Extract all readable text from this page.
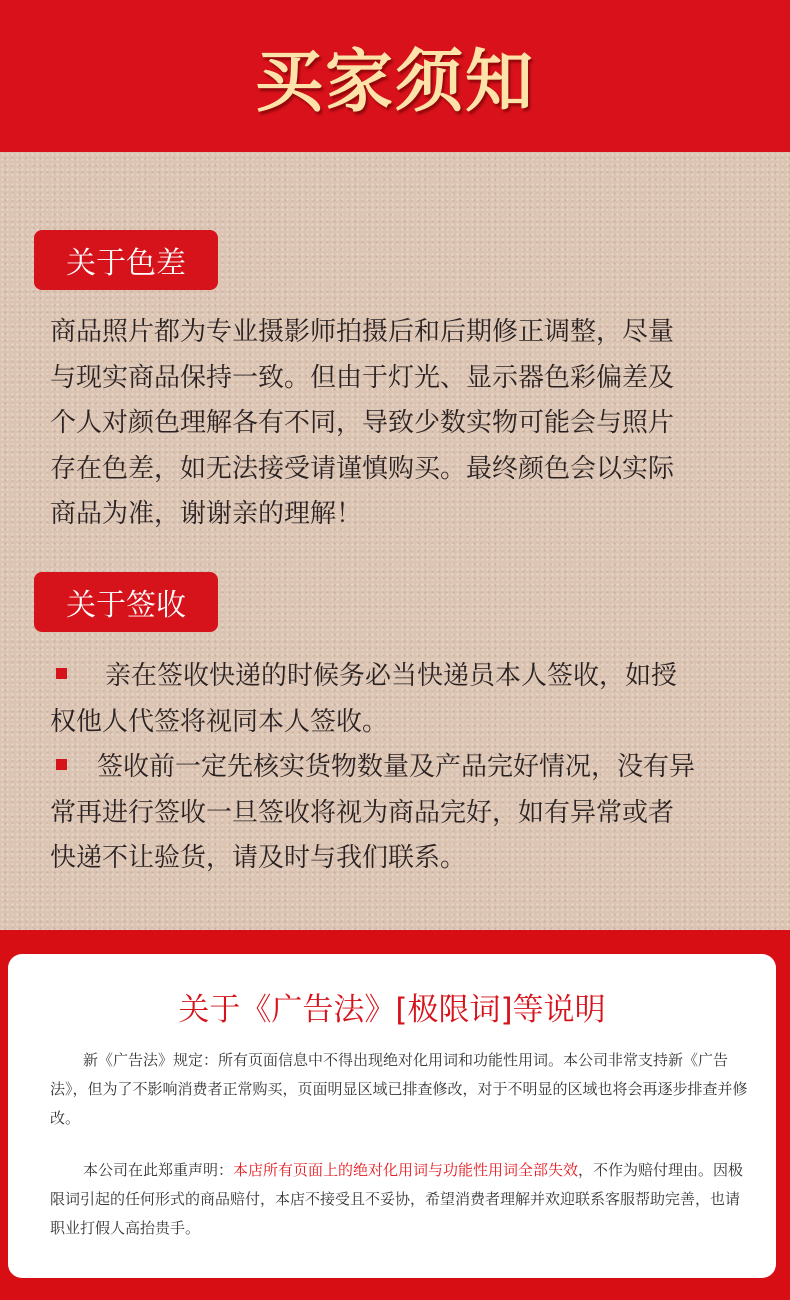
买家须知
关于色差
商品照片都为专业摄影师拍摄后和后期修正调整，尽量
与现实商品保持一致。但由于灯光、显示器色彩偏差及
个人对颜色理解各有不同，导致少数实物可能会与照片
存在色差，如无法接受请谨慎购买。最终颜色会以实际
商品为准，谢谢亲的理解！
关于签收
亲在签收快递的时候务必当快递员本人签收，如授
权他人代签将视同本人签收。
签收前一定先核实货物数量及产品完好情况，没有异
常再进行签收一旦签收将视为商品完好，如有异常或者
快递不让验货，请及时与我们联系。
关于《广告法》[极限词]等说明

新《广告法》规定：所有页面信息中不得出现绝对化用词和功能性用词。本公司非常支持新《广告法》，但为了不影响消费者正常购买，页面明显区域已排查修改，对于不明显的区域也将会再逐步排查并修改。

本公司在此郑重声明：本店所有页面上的绝对化用词与功能性用词全部失效，不作为赔付理由。因极限词引起的任何形式的商品赔付，本店不接受且不妥协，希望消费者理解并欢迎联系客服帮助完善，也请职业打假人高抬贵手。

shop1269394w6n2509.1688.com
